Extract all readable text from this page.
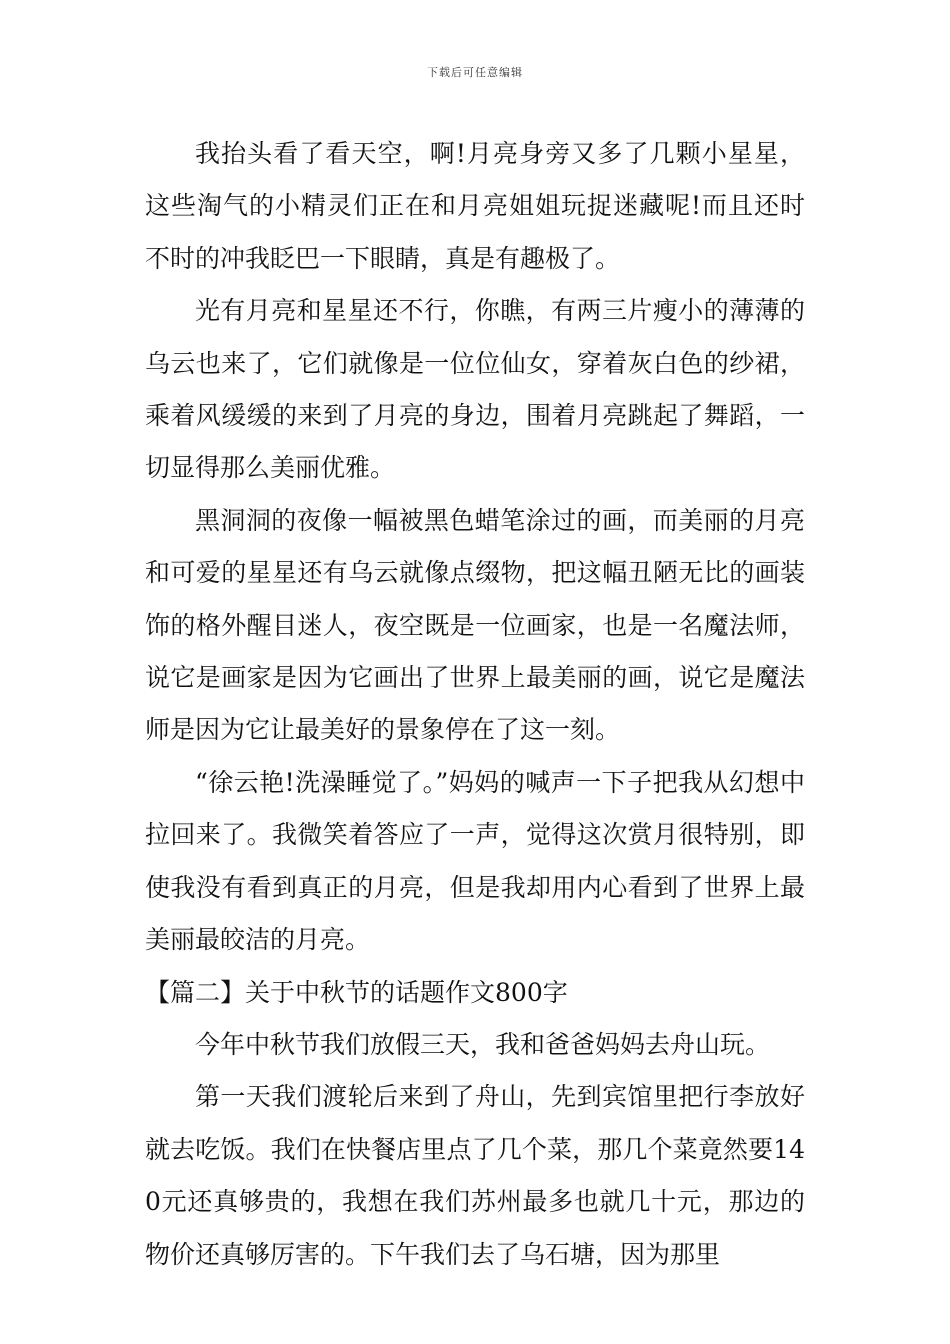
下载后可任意编辑

我抬头看了看天空，啊!月亮身旁又多了几颗小星星，这些淘气的小精灵们正在和月亮姐姐玩捉迷藏呢!而且还时不时的冲我眨巴一下眼睛，真是有趣极了。

光有月亮和星星还不行，你瞧，有两三片瘦小的薄薄的乌云也来了，它们就像是一位位仙女，穿着灰白色的纱裙，乘着风缓缓的来到了月亮的身边，围着月亮跳起了舞蹈，一切显得那么美丽优雅。

黑洞洞的夜像一幅被黑色蜡笔涂过的画，而美丽的月亮和可爱的星星还有乌云就像点缀物，把这幅丑陋无比的画装饰的格外醒目迷人，夜空既是一位画家，也是一名魔法师，说它是画家是因为它画出了世界上最美丽的画，说它是魔法师是因为它让最美好的景象停在了这一刻。

“徐云艳!洗澡睡觉了。”妈妈的喊声一下子把我从幻想中拉回来了。我微笑着答应了一声，觉得这次赏月很特别，即使我没有看到真正的月亮，但是我却用内心看到了世界上最美丽最皎洁的月亮。

【篇二】关于中秋节的话题作文800字

今年中秋节我们放假三天，我和爸爸妈妈去舟山玩。

第一天我们渡轮后来到了舟山，先到宾馆里把行李放好就去吃饭。我们在快餐店里点了几个菜，那几个菜竟然要140元还真够贵的，我想在我们苏州最多也就几十元，那边的物价还真够厉害的。下午我们去了乌石塘，因为那里
